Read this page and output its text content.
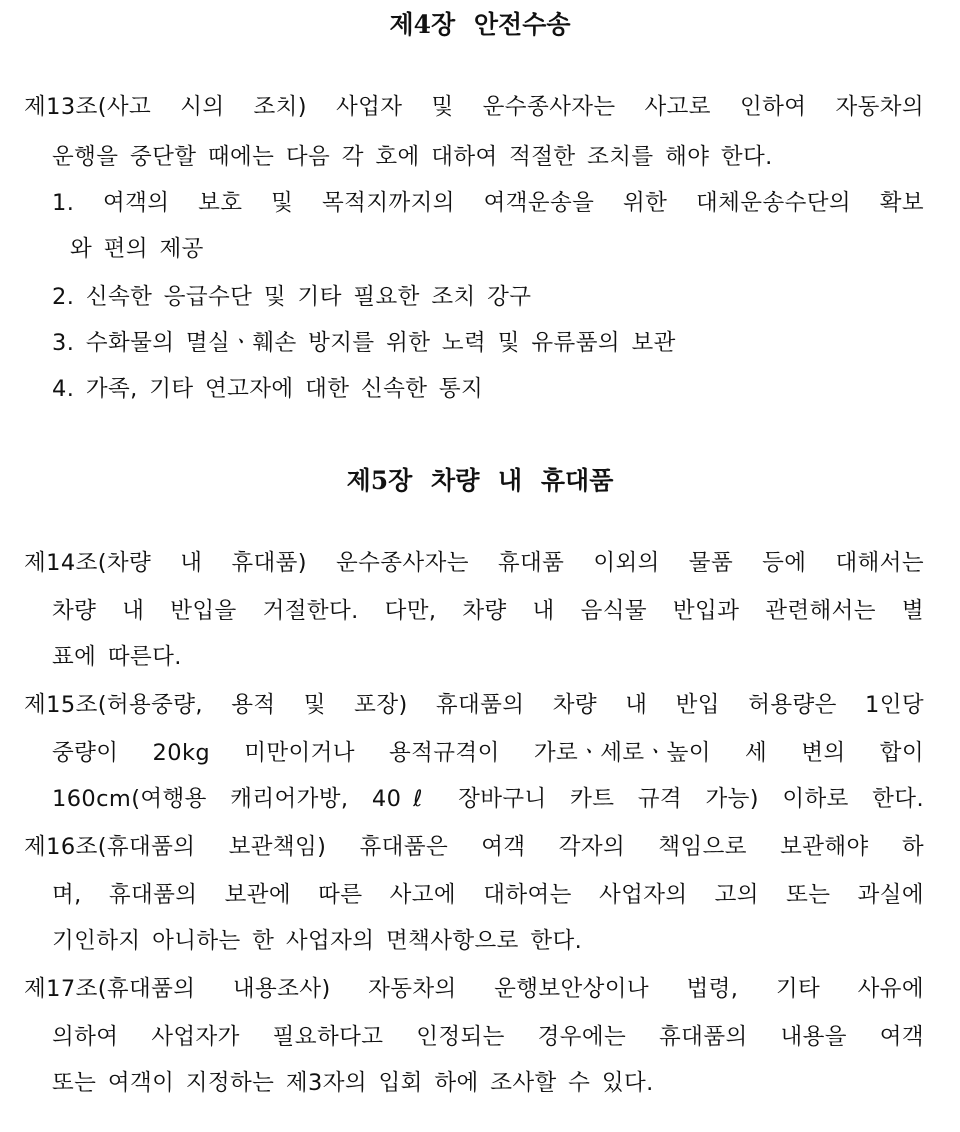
제4장 안전수송
제13조(사고 시의 조치) 사업자 및 운수종사자는 사고로 인하여 자동차의
운행을 중단할 때에는 다음 각 호에 대하여 적절한 조치를 해야 한다.
1. 여객의 보호 및 목적지까지의 여객운송을 위한 대체운송수단의 확보
와 편의 제공
2. 신속한 응급수단 및 기타 필요한 조치 강구
3. 수화물의 멸실ㆍ훼손 방지를 위한 노력 및 유류품의 보관
4. 가족, 기타 연고자에 대한 신속한 통지
제5장 차량 내 휴대품
제14조(차량 내 휴대품) 운수종사자는 휴대품 이외의 물품 등에 대해서는
차량 내 반입을 거절한다. 다만, 차량 내 음식물 반입과 관련해서는 별
표에 따른다.
제15조(허용중량, 용적 및 포장) 휴대품의 차량 내 반입 허용량은 1인당
중량이 20kg 미만이거나 용적규격이 가로ㆍ세로ㆍ높이 세 변의 합이
160cm(여행용 캐리어가방, 40ℓ 장바구니 카트 규격 가능) 이하로 한다.
제16조(휴대품의 보관책임) 휴대품은 여객 각자의 책임으로 보관해야 하
며, 휴대품의 보관에 따른 사고에 대하여는 사업자의 고의 또는 과실에
기인하지 아니하는 한 사업자의 면책사항으로 한다.
제17조(휴대품의 내용조사) 자동차의 운행보안상이나 법령, 기타 사유에
의하여 사업자가 필요하다고 인정되는 경우에는 휴대품의 내용을 여객
또는 여객이 지정하는 제3자의 입회 하에 조사할 수 있다.
